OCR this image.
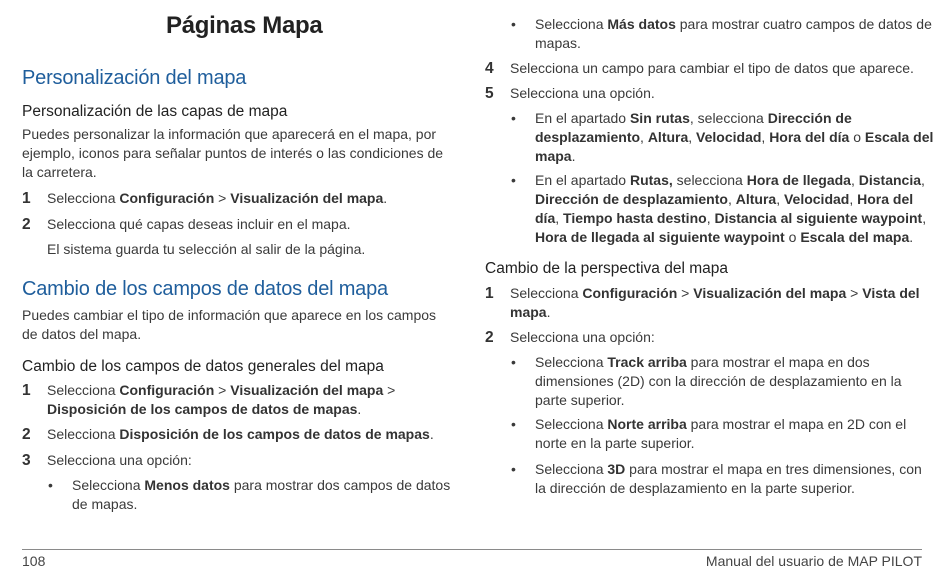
Páginas Mapa
Personalización del mapa
Personalización de las capas de mapa

Puedes personalizar la información que aparecerá en el mapa, por ejemplo, iconos para señalar puntos de interés o las condiciones de la carretera.

1 Selecciona Configuración > Visualización del mapa.
2 Selecciona qué capas deseas incluir en el mapa.
El sistema guarda tu selección al salir de la página.
Cambio de los campos de datos del mapa

Puedes cambiar el tipo de información que aparece en los campos de datos del mapa.

Cambio de los campos de datos generales del mapa
1 Selecciona Configuración > Visualización del mapa > Disposición de los campos de datos de mapas.
2 Selecciona Disposición de los campos de datos de mapas.
3 Selecciona una opción:
• Selecciona Menos datos para mostrar dos campos de datos de mapas.
• Selecciona Más datos para mostrar cuatro campos de datos de mapas.
4 Selecciona un campo para cambiar el tipo de datos que aparece.
5 Selecciona una opción.
• En el apartado Sin rutas, selecciona Dirección de desplazamiento, Altura, Velocidad, Hora del día o Escala del mapa.
• En el apartado Rutas, selecciona Hora de llegada, Distancia, Dirección de desplazamiento, Altura, Velocidad, Hora del día, Tiempo hasta destino, Distancia al siguiente waypoint, Hora de llegada al siguiente waypoint o Escala del mapa.
Cambio de la perspectiva del mapa
1 Selecciona Configuración > Visualización del mapa > Vista del mapa.
2 Selecciona una opción:
• Selecciona Track arriba para mostrar el mapa en dos dimensiones (2D) con la dirección de desplazamiento en la parte superior.
• Selecciona Norte arriba para mostrar el mapa en 2D con el norte en la parte superior.
• Selecciona 3D para mostrar el mapa en tres dimensiones, con la dirección de desplazamiento en la parte superior.
108	Manual del usuario de MAP PILOT
